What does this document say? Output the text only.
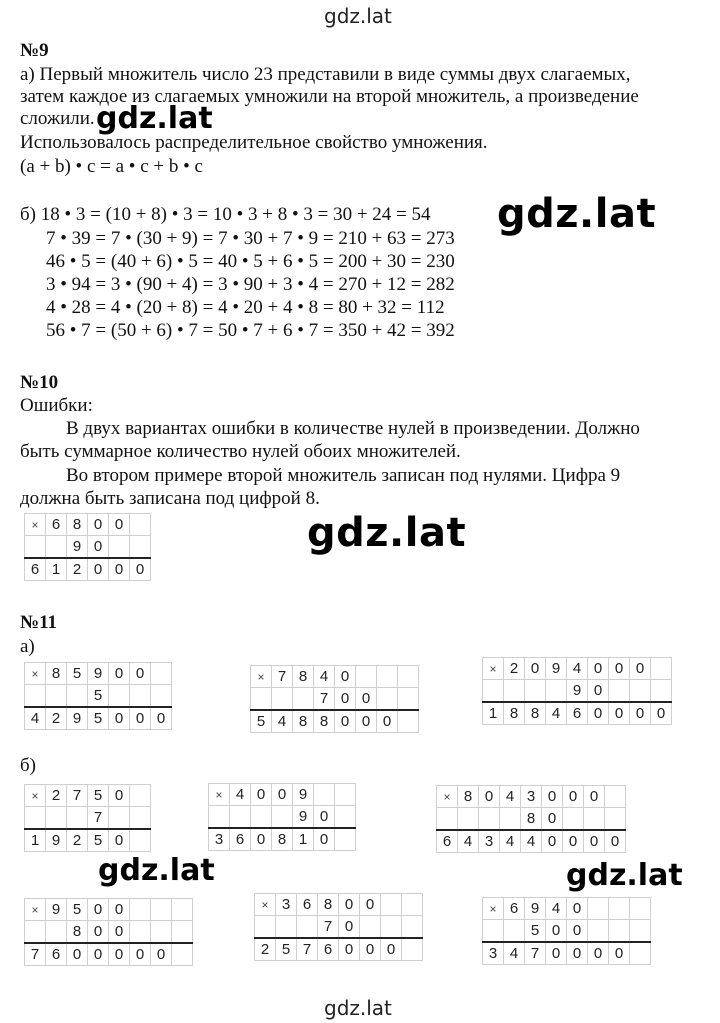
gdz.lat
gdz.lat
№9
а) Первый множитель число 23 представили в виде суммы двух слагаемых,
затем каждое из слагаемых умножили на второй множитель, а произведение
сложили.
Использовалось распределительное свойство умножения.
(a + b) • c = a • c + b • c
б) 18 • 3 = (10 + 8) • 3 = 10 • 3 + 8 • 3 = 30 + 24 = 54
7 • 39 = 7 • (30 + 9) = 7 • 30 + 7 • 9 = 210 + 63 = 273
46 • 5 = (40 + 6) • 5 = 40 • 5 + 6 • 5 = 200 + 30 = 230
3 • 94 = 3 • (90 + 4) = 3 • 90 + 3 • 4 = 270 + 12 = 282
4 • 28 = 4 • (20 + 8) = 4 • 20 + 4 • 8 = 80 + 32 = 112
56 • 7 = (50 + 6) • 7 = 50 • 7 + 6 • 7 = 350 + 42 = 392
№10
Ошибки:
В двух вариантах ошибки в количестве нулей в произведении. Должно
быть суммарное количество нулей обоих множителей.
Во втором примере второй множитель записан под нулями. Цифра 9
должна быть записана под цифрой 8.
×	6	8	0	0	
		9	0		
6	1	2	0	0	0
№11
а)
×	8	5	9	0	0	
			5			
4	2	9	5	0	0	0
×	7	8	4	0			
			7	0	0		
5	4	8	8	0	0	0	
×	2	0	9	4	0	0	0	
				9	0			
1	8	8	4	6	0	0	0	0
б)
×	2	7	5	0	
			7		
1	9	2	5	0	
×	4	0	0	9		
				9	0	
3	6	0	8	1	0	
×	8	0	4	3	0	0	0	
				8	0			
6	4	3	4	4	0	0	0	0
×	9	5	0	0			
		8	0	0			
7	6	0	0	0	0	0	
×	3	6	8	0	0		
			7	0			
2	5	7	6	0	0	0	
×	6	9	4	0			
		5	0	0			
3	4	7	0	0	0	0	
gdz.lat
gdz.lat
gdz.lat
gdz.lat	gdz.lat
